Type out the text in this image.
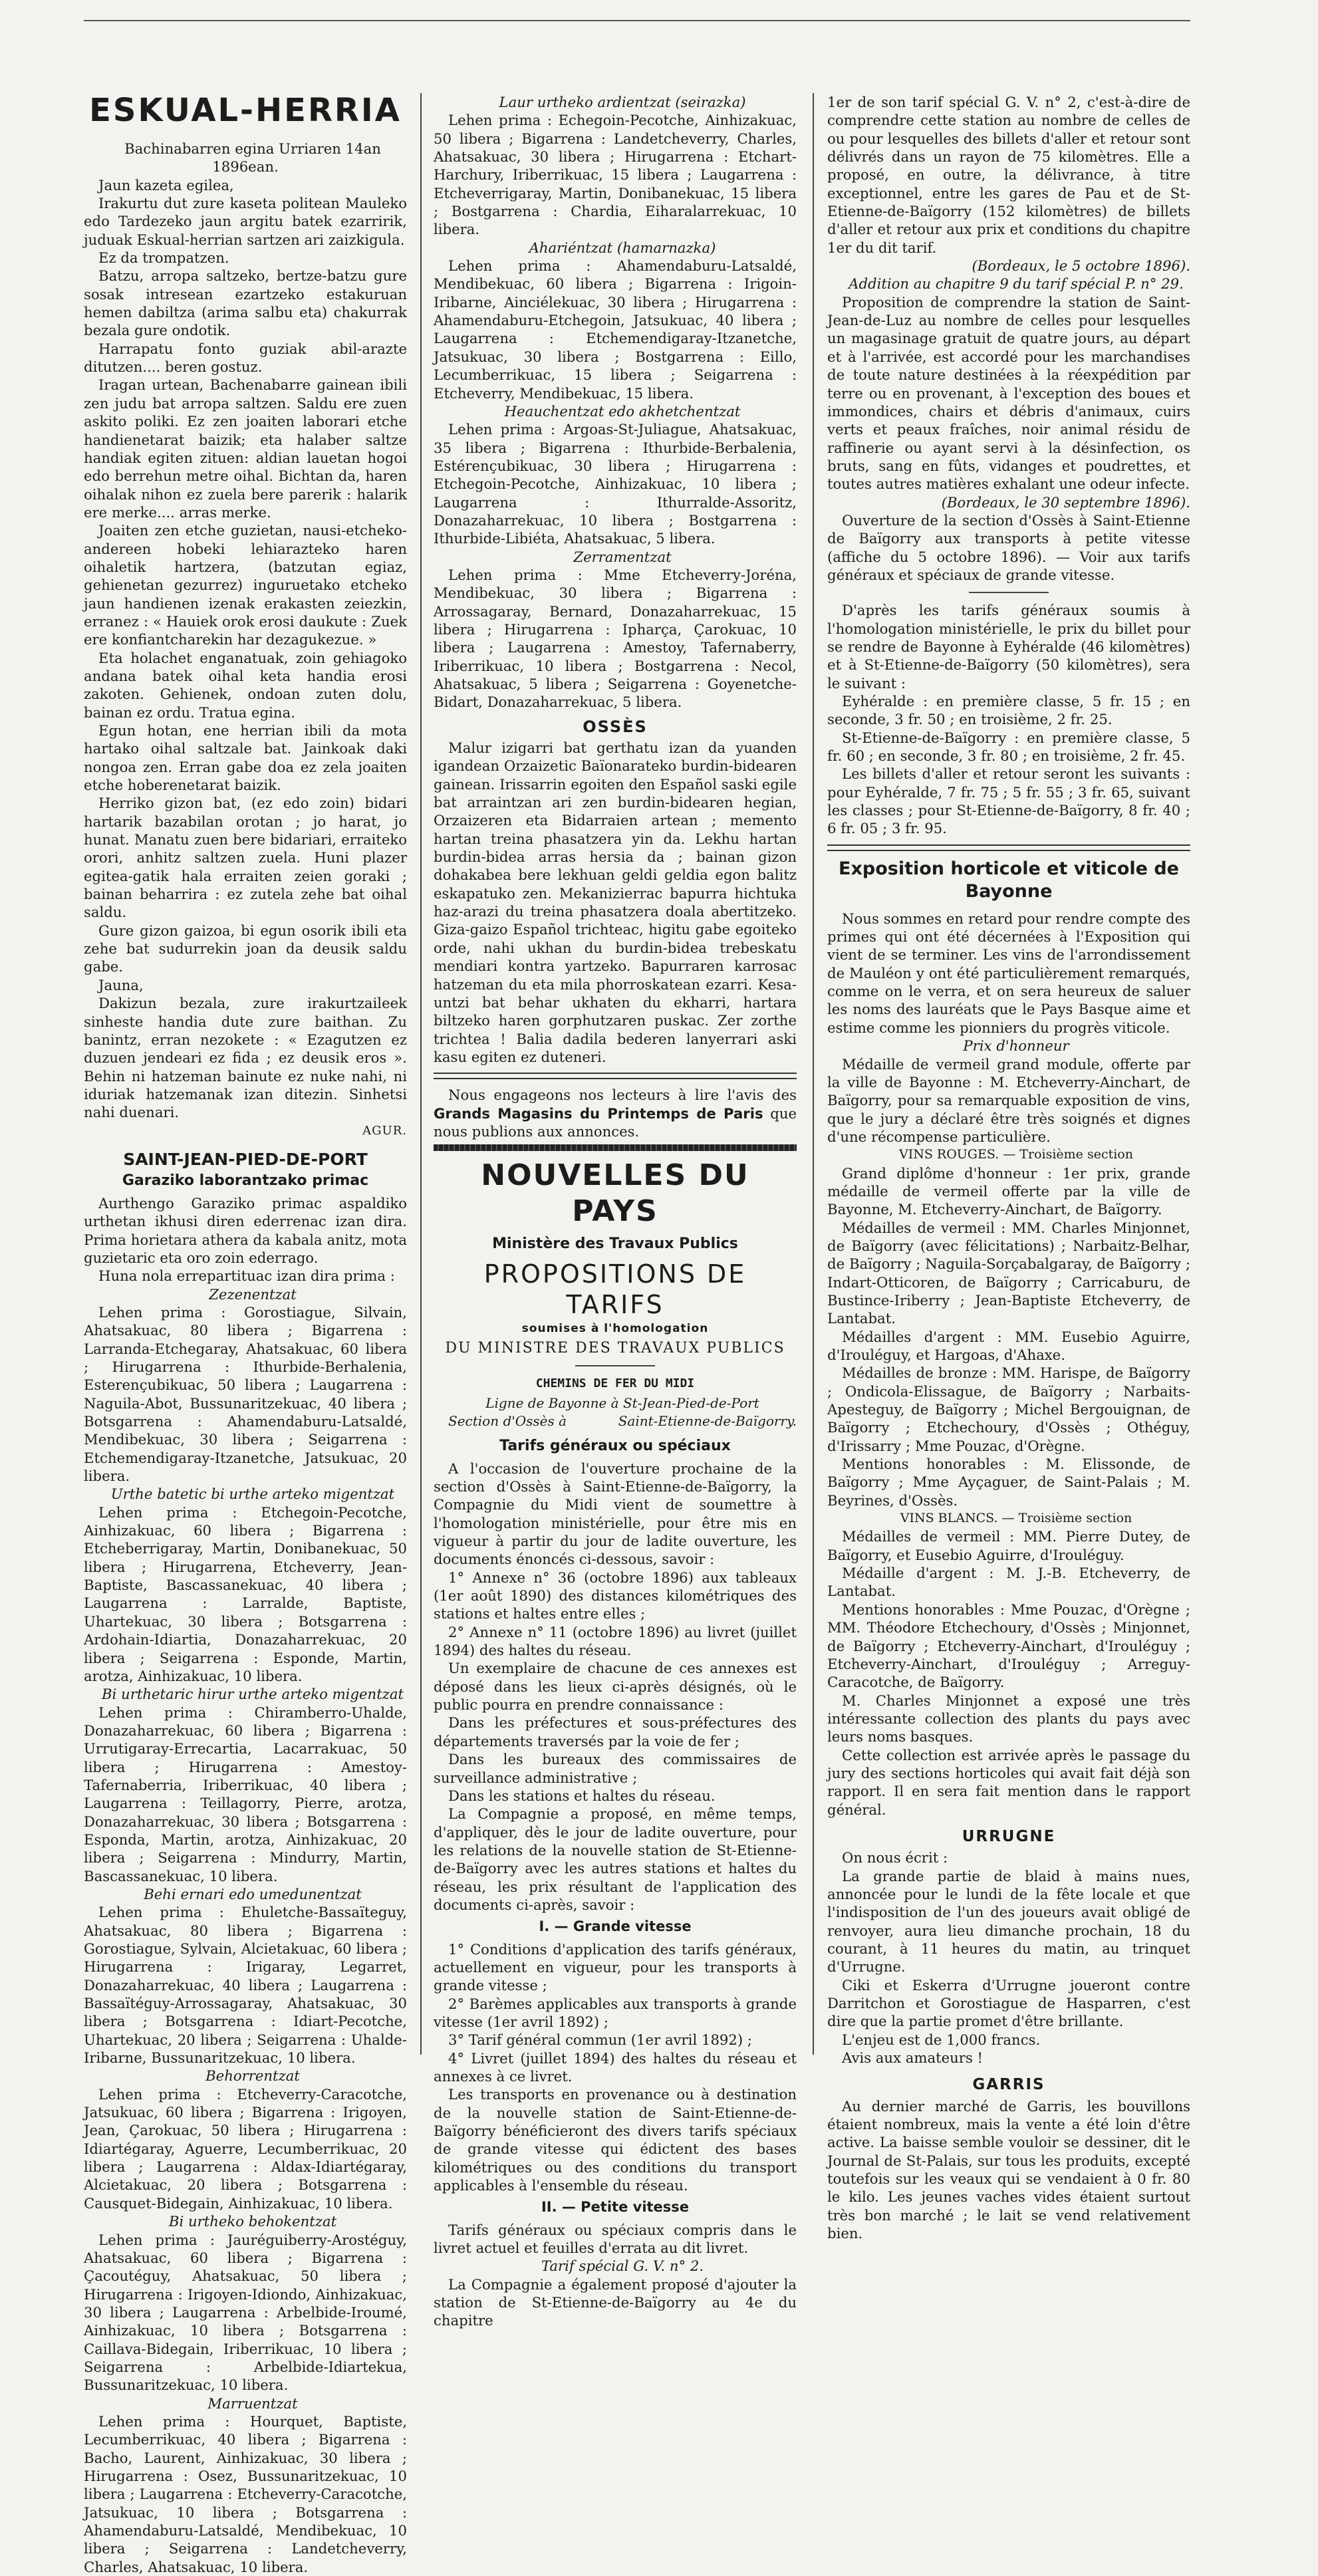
ESKUAL-HERRIA

Bachinabarren egina Urriaren 14an 1896ean.

Jaun kazeta egilea,

Irakurtu dut zure kaseta politean Mauleko edo Tardezeko jaun argitu batek ezarririk, juduak Eskual-herrian sartzen ari zaizkigula.

Ez da trompatzen.

Batzu, arropa saltzeko, bertze-batzu gure sosak intresean ezartzeko estakuruan hemen dabiltza (arima salbu eta) chakurrak bezala gure ondotik.

Harrapatu fonto guziak abil-arazte ditutzen.... beren gostuz.

Iragan urtean, Bachenabarre gainean ibili zen judu bat arropa saltzen. Saldu ere zuen askito poliki. Ez zen joaiten laborari etche handienetarat baizik; eta halaber saltze handiak egiten zituen: aldian lauetan hogoi edo berrehun metre oihal. Bichtan da, haren oihalak nihon ez zuela bere parerik : halarik ere merke.... arras merke.

Joaiten zen etche guzietan, nausi-etcheko-andereen hobeki lehiarazteko haren oihaletik hartzera, (batzutan egiaz, gehienetan gezurrez) inguruetako etcheko jaun handienen izenak erakasten zeiezkin, erranez : « Hauiek orok erosi daukute : Zuek ere konfiantcharekin har dezagukezue. »

Eta holachet enganatuak, zoin gehiagoko andana batek oihal keta handia erosi zakoten. Gehienek, ondoan zuten dolu, bainan ez ordu. Tratua egina.

Egun hotan, ene herrian ibili da mota hartako oihal saltzale bat. Jainkoak daki nongoa zen. Erran gabe doa ez zela joaiten etche hoberenetarat baizik.

Herriko gizon bat, (ez edo zoin) bidari hartarik bazabilan orotan ; jo harat, jo hunat. Manatu zuen bere bidariari, erraiteko orori, anhitz saltzen zuela. Huni plazer egitea-gatik hala erraiten zeien goraki ; bainan beharrira : ez zutela zehe bat oihal saldu.

Gure gizon gaizoa, bi egun osorik ibili eta zehe bat sudurrekin joan da deusik saldu gabe.

Jauna,

Dakizun bezala, zure irakurtzaileek sinheste handia dute zure baithan. Zu banintz, erran nezokete : « Ezagutzen ez duzuen jendeari ez fida ; ez deusik eros ». Behin ni hatzeman bainute ez nuke nahi, ni iduriak hatzemanak izan ditezin. Sinhetsi nahi duenari.

AGUR.

SAINT-JEAN-PIED-DE-PORT
Garaziko laborantzako primac

Aurthengo Garaziko primac aspaldiko urthetan ikhusi diren ederrenac izan dira. Prima horietara athera da kabala anitz, mota guzietaric eta oro zoin ederrago.

Huna nola errepartituac izan dira prima :

Zezenentzat

Lehen prima : Gorostiague, Silvain, Ahatsakuac, 80 libera ; Bigarrena : Larranda-Etchegaray, Ahatsakuac, 60 libera ; Hirugarrena : Ithurbide-Berhalenia, Esterençubikuac, 50 libera ; Laugarrena : Naguila-Abot, Bussunaritzekuac, 40 libera ; Botsgarrena : Ahamendaburu-Latsaldé, Mendibekuac, 30 libera ; Seigarrena : Etchemendigaray-Itzanetche, Jatsukuac, 20 libera.

Urthe batetic bi urthe arteko migentzat

Lehen prima : Etchegoin-Pecotche, Ainhizakuac, 60 libera ; Bigarrena : Etcheberrigaray, Martin, Donibanekuac, 50 libera ; Hirugarrena, Etcheverry, Jean-Baptiste, Bascassanekuac, 40 libera ; Laugarrena : Larralde, Baptiste, Uhartekuac, 30 libera ; Botsgarrena : Ardohain-Idiartia, Donazaharrekuac, 20 libera ; Seigarrena : Esponde, Martin, arotza, Ainhizakuac, 10 libera.

Bi urthetaric hirur urthe arteko migentzat

Lehen prima : Chiramberro-Uhalde, Donazaharrekuac, 60 libera ; Bigarrena : Urrutigaray-Errecartia, Lacarrakuac, 50 libera ; Hirugarrena : Amestoy-Tafernaberria, Iriberrikuac, 40 libera ; Laugarrena : Teillagorry, Pierre, arotza, Donazaharrekuac, 30 libera ; Botsgarrena : Esponda, Martin, arotza, Ainhizakuac, 20 libera ; Seigarrena : Mindurry, Martin, Bascassanekuac, 10 libera.

Behi ernari edo umedunentzat

Lehen prima : Ehuletche-Bassaïteguy, Ahatsakuac, 80 libera ; Bigarrena : Gorostiague, Sylvain, Alcietakuac, 60 libera ; Hirugarrena : Irigaray, Legarret, Donazaharrekuac, 40 libera ; Laugarrena : Bassaïtéguy-Arrossagaray, Ahatsakuac, 30 libera ; Botsgarrena : Idiart-Pecotche, Uhartekuac, 20 libera ; Seigarrena : Uhalde-Iribarne, Bussunaritzekuac, 10 libera.

Behorrentzat

Lehen prima : Etcheverry-Caracotche, Jatsukuac, 60 libera ; Bigarrena : Irigoyen, Jean, Çarokuac, 50 libera ; Hirugarrena : Idiartégaray, Aguerre, Lecumberrikuac, 20 libera ; Laugarrena : Aldax-Idiartégaray, Alcietakuac, 20 libera ; Botsgarrena : Causquet-Bidegain, Ainhizakuac, 10 libera.

Bi urtheko behokentzat

Lehen prima : Jauréguiberry-Arostéguy, Ahatsakuac, 60 libera ; Bigarrena : Çacoutéguy, Ahatsakuac, 50 libera ; Hirugarrena : Irigoyen-Idiondo, Ainhizakuac, 30 libera ; Laugarrena : Arbelbide-Iroumé, Ainhizakuac, 10 libera ; Botsgarrena : Caillava-Bidegain, Iriberrikuac, 10 libera ; Seigarrena : Arbelbide-Idiartekua, Bussunaritzekuac, 10 libera.

Marruentzat

Lehen prima : Hourquet, Baptiste, Lecumberrikuac, 40 libera ; Bigarrena : Bacho, Laurent, Ainhizakuac, 30 libera ; Hirugarrena : Osez, Bussunaritzekuac, 10 libera ; Laugarrena : Etcheverry-Caracotche, Jatsukuac, 10 libera ; Botsgarrena : Ahamendaburu-Latsaldé, Mendibekuac, 10 libera ; Seigarrena : Landetcheverry, Charles, Ahatsakuac, 10 libera.

Laur urtheko ardientzat (seirazka)

Lehen prima : Echegoin-Pecotche, Ainhizakuac, 50 libera ; Bigarrena : Landetcheverry, Charles, Ahatsakuac, 30 libera ; Hirugarrena : Etchart-Harchury, Iriberrikuac, 15 libera ; Laugarrena : Etcheverrigaray, Martin, Donibanekuac, 15 libera ; Bostgarrena : Chardia, Eiharalarrekuac, 10 libera.

Ahariéntzat (hamarnazka)

Lehen prima : Ahamendaburu-Latsaldé, Mendibekuac, 60 libera ; Bigarrena : Irigoin-Iribarne, Ainciélekuac, 30 libera ; Hirugarrena : Ahamendaburu-Etchegoin, Jatsukuac, 40 libera ; Laugarrena : Etchemendigaray-Itzanetche, Jatsukuac, 30 libera ; Bostgarrena : Eillo, Lecumberrikuac, 15 libera ; Seigarrena : Etcheverry, Mendibekuac, 15 libera.

Heauchentzat edo akhetchentzat

Lehen prima : Argoas-St-Juliague, Ahatsakuac, 35 libera ; Bigarrena : Ithurbide-Berbalenia, Estérençubikuac, 30 libera ; Hirugarrena : Etchegoin-Pecotche, Ainhizakuac, 10 libera ; Laugarrena : Ithurralde-Assoritz, Donazaharrekuac, 10 libera ; Bostgarrena : Ithurbide-Libiéta, Ahatsakuac, 5 libera.

Zerramentzat

Lehen prima : Mme Etcheverry-Joréna, Mendibekuac, 30 libera ; Bigarrena : Arrossagaray, Bernard, Donazaharrekuac, 15 libera ; Hirugarrena : Ipharça, Çarokuac, 10 libera ; Laugarrena : Amestoy, Tafernaberry, Iriberrikuac, 10 libera ; Bostgarrena : Necol, Ahatsakuac, 5 libera ; Seigarrena : Goyenetche-Bidart, Donazaharrekuac, 5 libera.

OSSÈS

Malur izigarri bat gerthatu izan da yuanden igandean Orzaizetic Baïonarateko burdin-bidearen gainean. Irissarrin egoiten den Español saski egile bat arraintzan ari zen burdin-bidearen hegian, Orzaizeren eta Bidarraien artean ; memento hartan treina phasatzera yin da. Lekhu hartan burdin-bidea arras hersia da ; bainan gizon dohakabea bere lekhuan geldi geldia egon balitz eskapatuko zen. Mekanizierrac bapurra hichtuka haz-arazi du treina phasatzera doala abertitzeko. Giza-gaizo Español trichteac, higitu gabe egoiteko orde, nahi ukhan du burdin-bidea trebeskatu mendiari kontra yartzeko. Bapurraren karrosac hatzeman du eta mila phorroskatean ezarri. Kesa-untzi bat behar ukhaten du ekharri, hartara biltzeko haren gorphutzaren puskac. Zer zorthe trichtea ! Balia dadila bederen lanyerrari aski kasu egiten ez duteneri.

Nous engageons nos lecteurs à lire l'avis des Grands Magasins du Printemps de Paris que nous publions aux annonces.

NOUVELLES DU PAYS
Ministère des Travaux Publics
PROPOSITIONS DE TARIFS
soumises à l'homologation
DU MINISTRE DES TRAVAUX PUBLICS
CHEMINS DE FER DU MIDI

Ligne de Bayonne à St-Jean-Pied-de-Port

Section d'Ossès à	Saint-Etienne-de-Baïgorry.

Tarifs généraux ou spéciaux

A l'occasion de l'ouverture prochaine de la section d'Ossès à Saint-Etienne-de-Baïgorry, la Compagnie du Midi vient de soumettre à l'homologation ministérielle, pour être mis en vigueur à partir du jour de ladite ouverture, les documents énoncés ci-dessous, savoir :

1° Annexe n° 36 (octobre 1896) aux tableaux (1er août 1890) des distances kilométriques des stations et haltes entre elles ;

2° Annexe n° 11 (octobre 1896) au livret (juillet 1894) des haltes du réseau.

Un exemplaire de chacune de ces annexes est déposé dans les lieux ci-après désignés, où le public pourra en prendre connaissance :

Dans les préfectures et sous-préfectures des départements traversés par la voie de fer ;

Dans les bureaux des commissaires de surveillance administrative ;

Dans les stations et haltes du réseau.

La Compagnie a proposé, en même temps, d'appliquer, dès le jour de ladite ouverture, pour les relations de la nouvelle station de St-Etienne-de-Baïgorry avec les autres stations et haltes du réseau, les prix résultant de l'application des documents ci-après, savoir :

I. — Grande vitesse

1° Conditions d'application des tarifs généraux, actuellement en vigueur, pour les transports à grande vitesse ;

2° Barèmes applicables aux transports à grande vitesse (1er avril 1892) ;

3° Tarif général commun (1er avril 1892) ;

4° Livret (juillet 1894) des haltes du réseau et annexes à ce livret.

Les transports en provenance ou à destination de la nouvelle station de Saint-Etienne-de-Baïgorry bénéficieront des divers tarifs spéciaux de grande vitesse qui édictent des bases kilométriques ou des conditions du transport applicables à l'ensemble du réseau.

II. — Petite vitesse

Tarifs généraux ou spéciaux compris dans le livret actuel et feuilles d'errata au dit livret.

Tarif spécial G. V. n° 2.

La Compagnie a également proposé d'ajouter la station de St-Etienne-de-Baïgorry au 4e du chapitre

1er de son tarif spécial G. V. n° 2, c'est-à-dire de comprendre cette station au nombre de celles de ou pour lesquelles des billets d'aller et retour sont délivrés dans un rayon de 75 kilomètres. Elle a proposé, en outre, la délivrance, à titre exceptionnel, entre les gares de Pau et de St-Etienne-de-Baïgorry (152 kilomètres) de billets d'aller et retour aux prix et conditions du chapitre 1er du dit tarif.

(Bordeaux, le 5 octobre 1896).

Addition au chapitre 9 du tarif spécial P. n° 29.

Proposition de comprendre la station de Saint-Jean-de-Luz au nombre de celles pour lesquelles un magasinage gratuit de quatre jours, au départ et à l'arrivée, est accordé pour les marchandises de toute nature destinées à la réexpédition par terre ou en provenant, à l'exception des boues et immondices, chairs et débris d'animaux, cuirs verts et peaux fraîches, noir animal résidu de raffinerie ou ayant servi à la désinfection, os bruts, sang en fûts, vidanges et poudrettes, et toutes autres matières exhalant une odeur infecte.

(Bordeaux, le 30 septembre 1896).

Ouverture de la section d'Ossès à Saint-Etienne de Baïgorry aux transports à petite vitesse (affiche du 5 octobre 1896). — Voir aux tarifs généraux et spéciaux de grande vitesse.

D'après les tarifs généraux soumis à l'homologation ministérielle, le prix du billet pour se rendre de Bayonne à Eyhéralde (46 kilomètres) et à St-Etienne-de-Baïgorry (50 kilomètres), sera le suivant :

Eyhéralde : en première classe, 5 fr. 15 ; en seconde, 3 fr. 50 ; en troisième, 2 fr. 25.

St-Etienne-de-Baïgorry : en première classe, 5 fr. 60 ; en seconde, 3 fr. 80 ; en troisième, 2 fr. 45.

Les billets d'aller et retour seront les suivants : pour Eyhéralde, 7 fr. 75 ; 5 fr. 55 ; 3 fr. 65, suivant les classes ; pour St-Etienne-de-Baïgorry, 8 fr. 40 ; 6 fr. 05 ; 3 fr. 95.

Exposition horticole et viticole de Bayonne

Nous sommes en retard pour rendre compte des primes qui ont été décernées à l'Exposition qui vient de se terminer. Les vins de l'arrondissement de Mauléon y ont été particulièrement remarqués, comme on le verra, et on sera heureux de saluer les noms des lauréats que le Pays Basque aime et estime comme les pionniers du progrès viticole.

Prix d'honneur

Médaille de vermeil grand module, offerte par la ville de Bayonne : M. Etcheverry-Ainchart, de Baïgorry, pour sa remarquable exposition de vins, que le jury a déclaré être très soignés et dignes d'une récompense particulière.

VINS ROUGES. — Troisième section

Grand diplôme d'honneur : 1er prix, grande médaille de vermeil offerte par la ville de Bayonne, M. Etcheverry-Ainchart, de Baïgorry.

Médailles de vermeil : MM. Charles Minjonnet, de Baïgorry (avec félicitations) ; Narbaitz-Belhar, de Baïgorry ; Naguila-Sorçabalgaray, de Baïgorry ; Indart-Otticoren, de Baïgorry ; Carricaburu, de Bustince-Iriberry ; Jean-Baptiste Etcheverry, de Lantabat.

Médailles d'argent : MM. Eusebio Aguirre, d'Irouléguy, et Hargoas, d'Ahaxe.

Médailles de bronze : MM. Harispe, de Baïgorry ; Ondicola-Elissague, de Baïgorry ; Narbaits-Apesteguy, de Baïgorry ; Michel Bergouignan, de Baïgorry ; Etchechoury, d'Ossès ; Othéguy, d'Irissarry ; Mme Pouzac, d'Orègne.

Mentions honorables : M. Elissonde, de Baïgorry ; Mme Ayçaguer, de Saint-Palais ; M. Beyrines, d'Ossès.

VINS BLANCS. — Troisième section

Médailles de vermeil : MM. Pierre Dutey, de Baïgorry, et Eusebio Aguirre, d'Irouléguy.

Médaille d'argent : M. J.-B. Etcheverry, de Lantabat.

Mentions honorables : Mme Pouzac, d'Orègne ; MM. Théodore Etchechoury, d'Ossès ; Minjonnet, de Baïgorry ; Etcheverry-Ainchart, d'Irouléguy ; Etcheverry-Ainchart, d'Irouléguy ; Arreguy-Caracotche, de Baïgorry.

M. Charles Minjonnet a exposé une très intéressante collection des plants du pays avec leurs noms basques.

Cette collection est arrivée après le passage du jury des sections horticoles qui avait fait déjà son rapport. Il en sera fait mention dans le rapport général.

URRUGNE

On nous écrit :

La grande partie de blaid à mains nues, annoncée pour le lundi de la fête locale et que l'indisposition de l'un des joueurs avait obligé de renvoyer, aura lieu dimanche prochain, 18 du courant, à 11 heures du matin, au trinquet d'Urrugne.

Ciki et Eskerra d'Urrugne joueront contre Darritchon et Gorostiague de Hasparren, c'est dire que la partie promet d'être brillante.

L'enjeu est de 1,000 francs.

Avis aux amateurs !

GARRIS

Au dernier marché de Garris, les bouvillons étaient nombreux, mais la vente a été loin d'être active. La baisse semble vouloir se dessiner, dit le Journal de St-Palais, sur tous les produits, excepté toutefois sur les veaux qui se vendaient à 0 fr. 80 le kilo. Les jeunes vaches vides étaient surtout très bon marché ; le lait se vend relativement bien.
